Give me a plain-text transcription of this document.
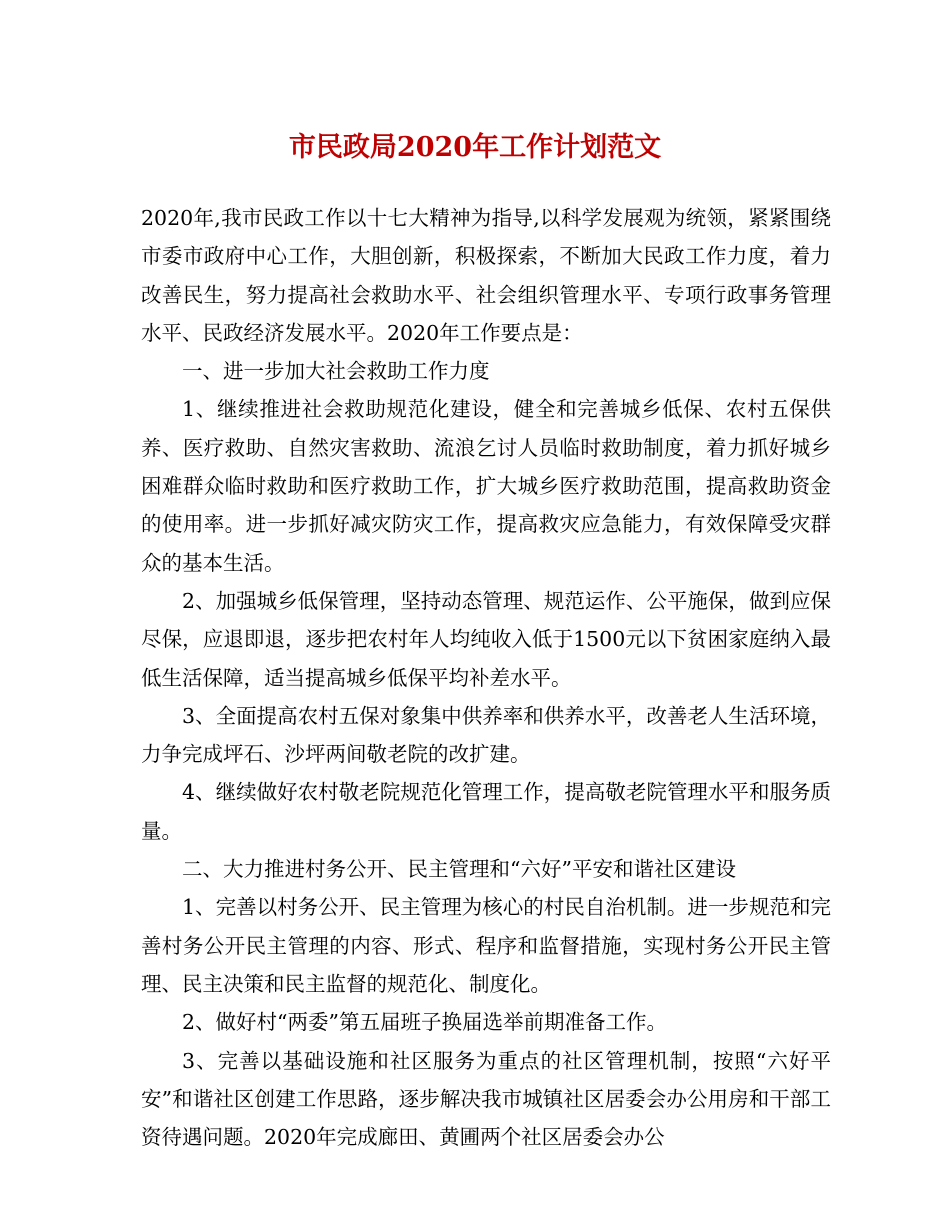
市民政局2020年工作计划范文

2020年,我市民政工作以十七大精神为指导,以科学发展观为统领，紧紧围绕市委市政府中心工作，大胆创新，积极探索，不断加大民政工作力度，着力改善民生，努力提高社会救助水平、社会组织管理水平、专项行政事务管理水平、民政经济发展水平。2020年工作要点是：

一、进一步加大社会救助工作力度

1、继续推进社会救助规范化建设，健全和完善城乡低保、农村五保供养、医疗救助、自然灾害救助、流浪乞讨人员临时救助制度，着力抓好城乡困难群众临时救助和医疗救助工作，扩大城乡医疗救助范围，提高救助资金的使用率。进一步抓好减灾防灾工作，提高救灾应急能力，有效保障受灾群众的基本生活。

2、加强城乡低保管理，坚持动态管理、规范运作、公平施保，做到应保尽保，应退即退，逐步把农村年人均纯收入低于1500元以下贫困家庭纳入最低生活保障，适当提高城乡低保平均补差水平。

3、全面提高农村五保对象集中供养率和供养水平，改善老人生活环境，力争完成坪石、沙坪两间敬老院的改扩建。

4、继续做好农村敬老院规范化管理工作，提高敬老院管理水平和服务质量。

二、大力推进村务公开、民主管理和“六好”平安和谐社区建设

1、完善以村务公开、民主管理为核心的村民自治机制。进一步规范和完善村务公开民主管理的内容、形式、程序和监督措施，实现村务公开民主管理、民主决策和民主监督的规范化、制度化。

2、做好村“两委”第五届班子换届选举前期准备工作。

3、完善以基础设施和社区服务为重点的社区管理机制，按照“六好平安”和谐社区创建工作思路，逐步解决我市城镇社区居委会办公用房和干部工资待遇问题。2020年完成廊田、黄圃两个社区居委会办公
